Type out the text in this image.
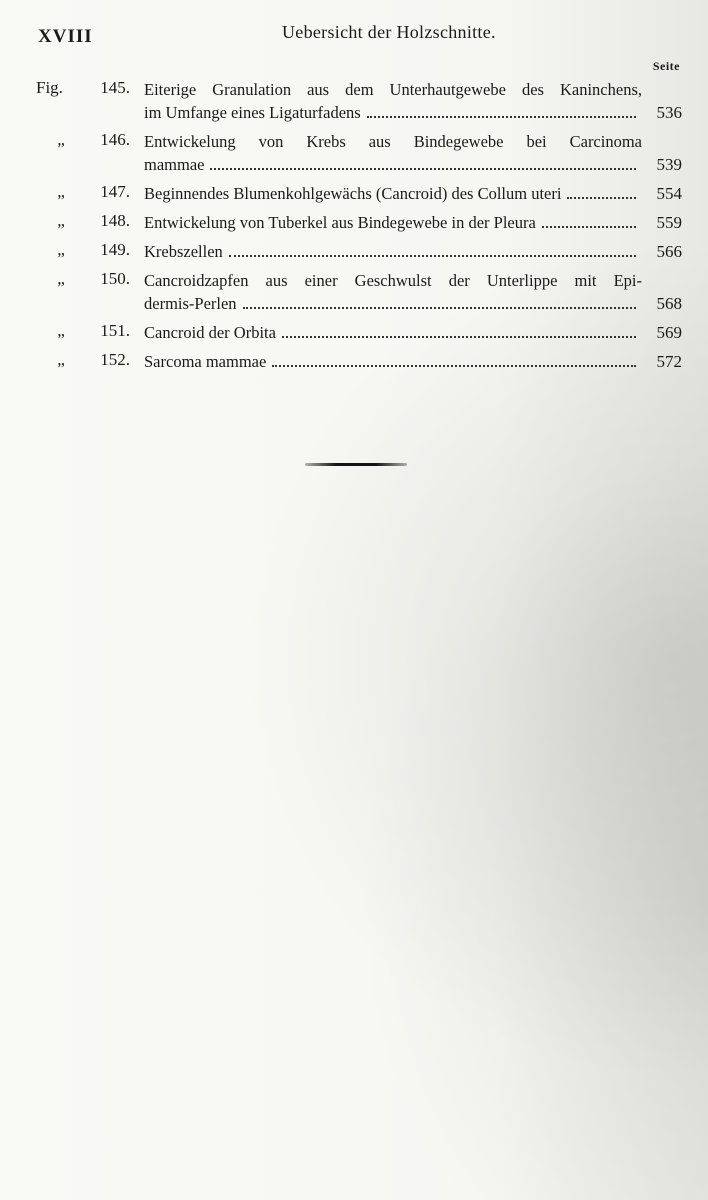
XVIII	Uebersicht der Holzschnitte.
Seite
Fig.	145. Eiterige Granulation aus dem Unterhautgewebe des Kaninchens,
im Umfange eines Ligaturfadens	536
„	146. Entwickelung von Krebs aus Bindegewebe bei Carcinoma
mammae	539
„	147. Beginnendes Blumenkohlgewächs (Cancroid) des Collum uteri	554
„	148. Entwickelung von Tuberkel aus Bindegewebe in der Pleura	559
„	149. Krebszellen	566
„	150. Cancroidzapfen aus einer Geschwulst der Unterlippe mit Epi-
dermis-Perlen	568
„	151. Cancroid der Orbita	569
„	152. Sarcoma mammae	572
